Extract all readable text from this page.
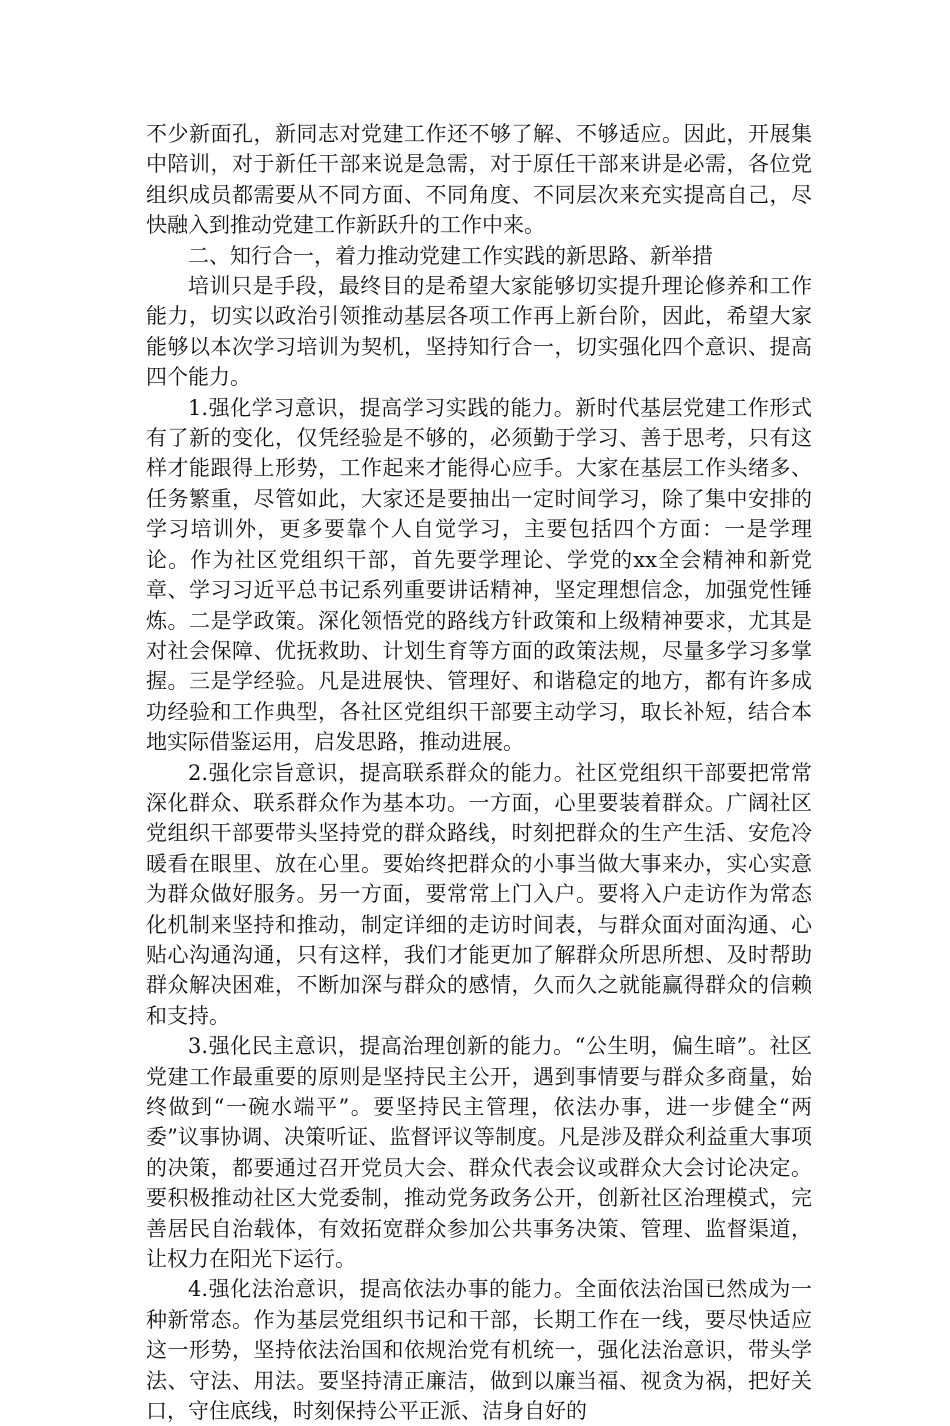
不少新面孔，新同志对党建工作还不够了解、不够适应。因此，开展集中陪训，对于新任干部来说是急需，对于原任干部来讲是必需，各位党组织成员都需要从不同方面、不同角度、不同层次来充实提高自己，尽快融入到推动党建工作新跃升的工作中来。

二、知行合一，着力推动党建工作实践的新思路、新举措

培训只是手段，最终目的是希望大家能够切实提升理论修养和工作能力，切实以政治引领推动基层各项工作再上新台阶，因此，希望大家能够以本次学习培训为契机，坚持知行合一，切实强化四个意识、提高四个能力。

1.强化学习意识，提高学习实践的能力。新时代基层党建工作形式有了新的变化，仅凭经验是不够的，必须勤于学习、善于思考，只有这样才能跟得上形势，工作起来才能得心应手。大家在基层工作头绪多、任务繁重，尽管如此，大家还是要抽出一定时间学习，除了集中安排的学习培训外，更多要靠个人自觉学习，主要包括四个方面：一是学理论。作为社区党组织干部，首先要学理论、学党的xx全会精神和新党章、学习习近平总书记系列重要讲话精神，坚定理想信念，加强党性锤炼。二是学政策。深化领悟党的路线方针政策和上级精神要求，尤其是对社会保障、优抚救助、计划生育等方面的政策法规，尽量多学习多掌握。三是学经验。凡是进展快、管理好、和谐稳定的地方，都有许多成功经验和工作典型，各社区党组织干部要主动学习，取长补短，结合本地实际借鉴运用，启发思路，推动进展。

2.强化宗旨意识，提高联系群众的能力。社区党组织干部要把常常深化群众、联系群众作为基本功。一方面，心里要装着群众。广阔社区党组织干部要带头坚持党的群众路线，时刻把群众的生产生活、安危冷暖看在眼里、放在心里。要始终把群众的小事当做大事来办，实心实意为群众做好服务。另一方面，要常常上门入户。要将入户走访作为常态化机制来坚持和推动，制定详细的走访时间表，与群众面对面沟通、心贴心沟通沟通，只有这样，我们才能更加了解群众所思所想、及时帮助群众解决困难，不断加深与群众的感情，久而久之就能赢得群众的信赖和支持。

3.强化民主意识，提高治理创新的能力。“公生明，偏生暗”。社区党建工作最重要的原则是坚持民主公开，遇到事情要与群众多商量，始终做到“一碗水端平”。要坚持民主管理，依法办事，进一步健全“两委”议事协调、决策听证、监督评议等制度。凡是涉及群众利益重大事项的决策，都要通过召开党员大会、群众代表会议或群众大会讨论决定。要积极推动社区大党委制，推动党务政务公开，创新社区治理模式，完善居民自治载体，有效拓宽群众参加公共事务决策、管理、监督渠道，让权力在阳光下运行。

4.强化法治意识，提高依法办事的能力。全面依法治国已然成为一种新常态。作为基层党组织书记和干部，长期工作在一线，要尽快适应这一形势，坚持依法治国和依规治党有机统一，强化法治意识，带头学法、守法、用法。要坚持清正廉洁，做到以廉当福、视贪为祸，把好关口，守住底线，时刻保持公平正派、洁身自好的
